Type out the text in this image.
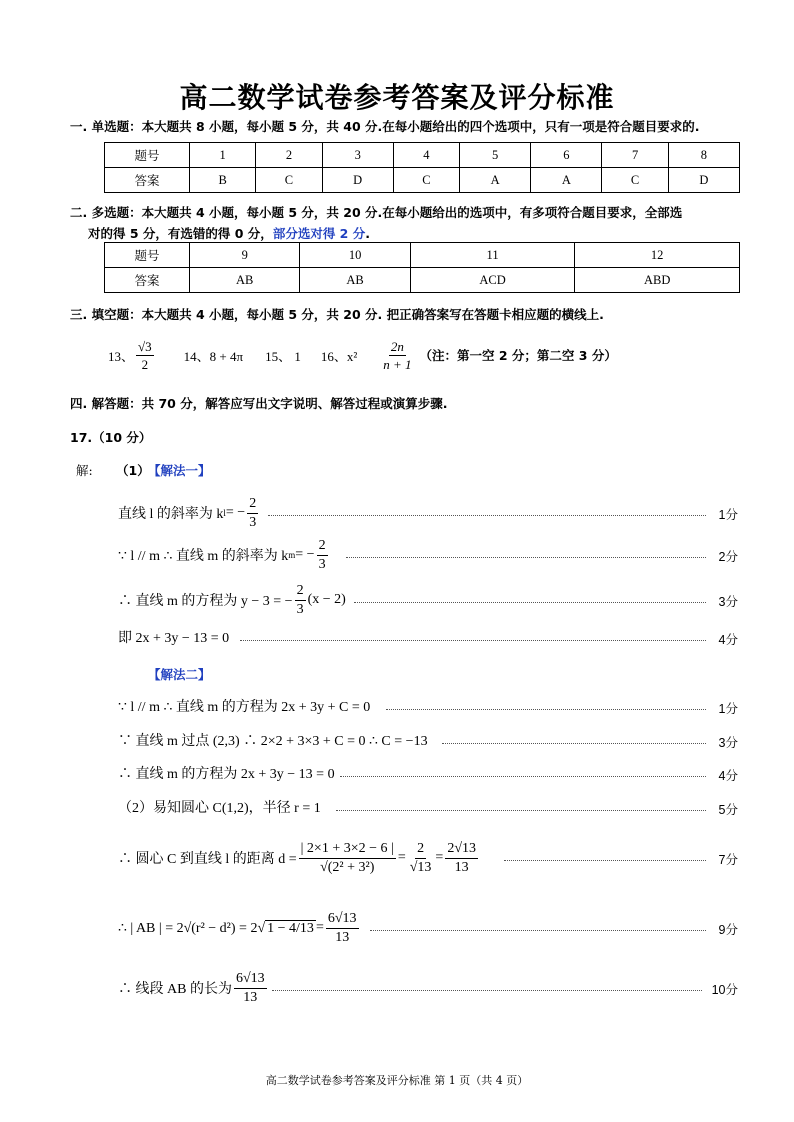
高二数学试卷参考答案及评分标准
一. 单选题：本大题共 8 小题，每小题 5 分，共 40 分.在每小题给出的四个选项中，只有一项是符合题目要求的.
题号	1	2	3	4	5	6	7	8
答案	B	C	D	C	A	A	C	D
二. 多选题：本大题共 4 小题，每小题 5 分，共 20 分.在每小题给出的选项中，有多项符合题目要求，全部选
对的得 5 分，有选错的得 0 分，部分选对得 2 分.
题号	9	10	11	12
答案	AB	AB	ACD	ABD
三. 填空题：本大题共 4 小题，每小题 5 分，共 20 分. 把正确答案写在答题卡相应题的横线上.
13、 $\frac{√3}{2} 14$、8 + 4π 15、 1 16、$x^2 \frac{2n}{n + 1}$ （注：第一空 2 分；第二空 3 分）
四. 解答题：共 70 分，解答应写出文字说明、解答过程或演算步骤.
17.（10 分）
解: （1）
【解法一】
直线 l 的斜率为 k l = − $\frac{2}{3}$	1分
∵ l // m ∴ 直线 m 的斜率为 k m = − $\frac{2}{3}$	2分
∴ 直线 m 的方程为 y − 3 = − $\frac{2}{3} (x - 2)$	3分
即 2x + 3y − 13 = 0	4分
【解法二】
∵ l // m ∴ 直线 m 的方程为 2x + 3y + C = 0	1分
∵ 直线 m 过点 (2,3) ∴ 2×2 + 3×3 + C = 0 ∴ C = −13	3分
∴ 直线 m 的方程为 2x + 3y − 13 = 0	4分
（2）易知圆心 C(1,2)，半径 r = 1	5分
∴ 圆心 C 到直线 l 的距离 $d = \frac{| 2\times 1 + 3\times 2 - 6 |}{\text{√(2² + 3²)}} = \frac{2}{√13} = \frac{2√13}{13}$	7分
∴ | AB | = 2√(r² − d²) = 2 √ $1 - 4/13 = \frac{6√13}{13}$	9分
∴ 线段 AB 的长为 $\frac{6√13}{13}$	10分
高二数学试卷参考答案及评分标准 第 1 页（共 4 页）
